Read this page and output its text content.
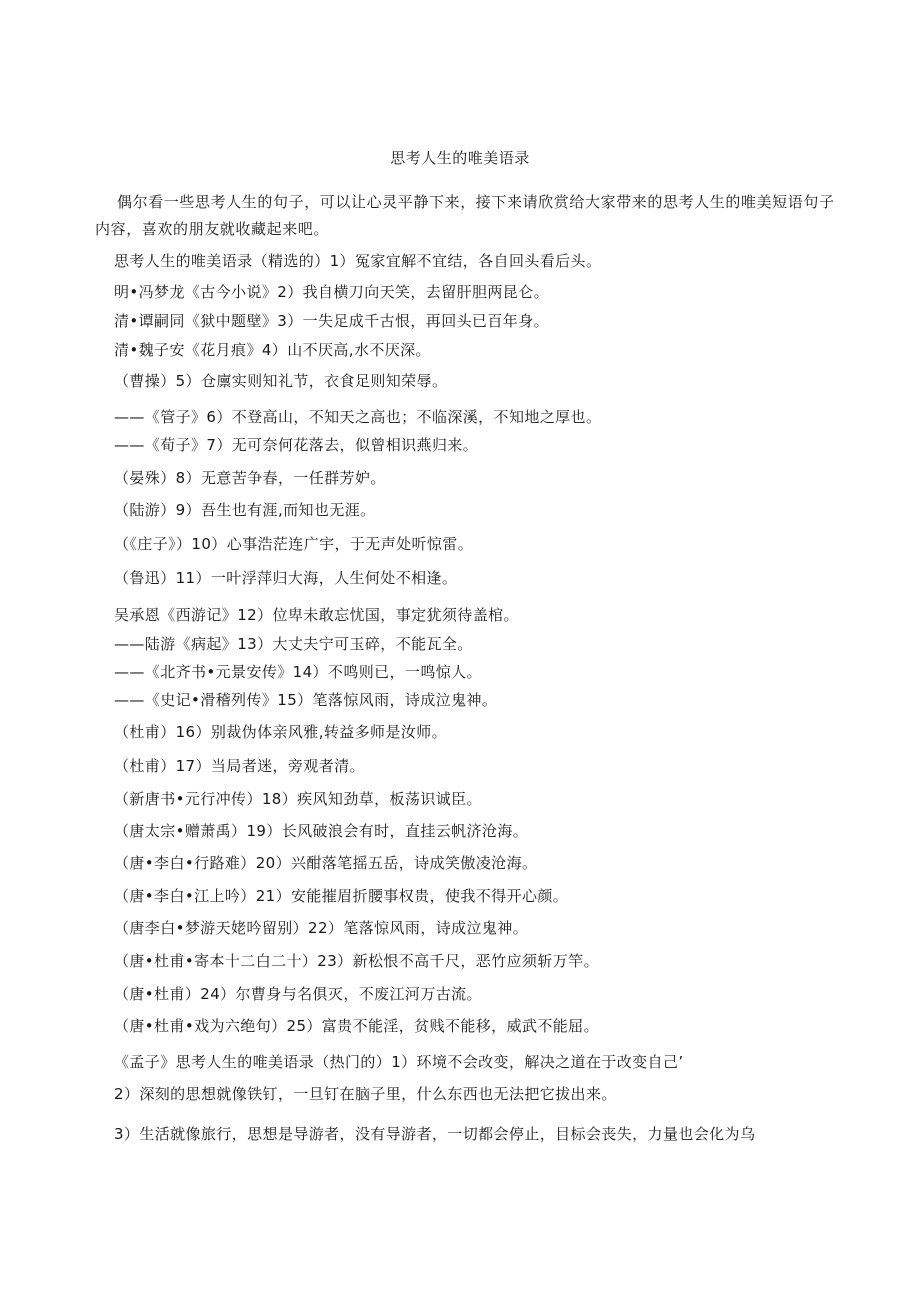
思考人生的唯美语录
偶尔看一些思考人生的句子，可以让心灵平静下来，接下来请欣赏给大家带来的思考人生的唯美短语句子内容，喜欢的朋友就收藏起来吧。
思考人生的唯美语录（精选的）1）冤家宜解不宜结，各自回头看后头。
明•冯梦龙《古今小说》2）我自横刀向天笑，去留肝胆两昆仑。
清•谭嗣同《狱中题壁》3）一失足成千古恨，再回头已百年身。
清•魏子安《花月痕》4）山不厌高,水不厌深。
（曹操）5）仓廪实则知礼节，衣食足则知荣辱。
——《管子》6）不登高山，不知天之高也；不临深溪，不知地之厚也。
——《荀子》7）无可奈何花落去，似曾相识燕归来。
（晏殊）8）无意苦争春，一任群芳妒。
（陆游）9）吾生也有涯,而知也无涯。
（《庄子》）10）心事浩茫连广宇，于无声处听惊雷。
（鲁迅）11）一叶浮萍归大海，人生何处不相逢。
吴承恩《西游记》12）位卑未敢忘忧国，事定犹须待盖棺。
——陆游《病起》13）大丈夫宁可玉碎，不能瓦全。
——《北齐书•元景安传》14）不鸣则已，一鸣惊人。
——《史记•滑稽列传》15）笔落惊风雨，诗成泣鬼神。
（杜甫）16）别裁伪体亲风雅,转益多师是汝师。
（杜甫）17）当局者迷，旁观者清。
（新唐书•元行冲传）18）疾风知劲草，板荡识诚臣。
（唐太宗•赠萧禹）19）长风破浪会有时，直挂云帆济沧海。
（唐•李白•行路难）20）兴酣落笔摇五岳，诗成笑傲凌沧海。
（唐•李白•江上吟）21）安能摧眉折腰事权贵，使我不得开心颜。
（唐李白•梦游天姥吟留别）22）笔落惊风雨，诗成泣鬼神。
（唐•杜甫•寄本十二白二十）23）新松恨不高千尺，恶竹应须斩万竿。
（唐•杜甫）24）尔曹身与名俱灭，不废江河万古流。
（唐•杜甫•戏为六绝句）25）富贵不能淫，贫贱不能移，威武不能屈。
《孟子》思考人生的唯美语录（热门的）1）环境不会改变，解决之道在于改变自己’
2）深刻的思想就像铁钉，一旦钉在脑子里，什么东西也无法把它拔出来。
3）生活就像旅行，思想是导游者，没有导游者，一切都会停止，目标会丧失，力量也会化为乌
